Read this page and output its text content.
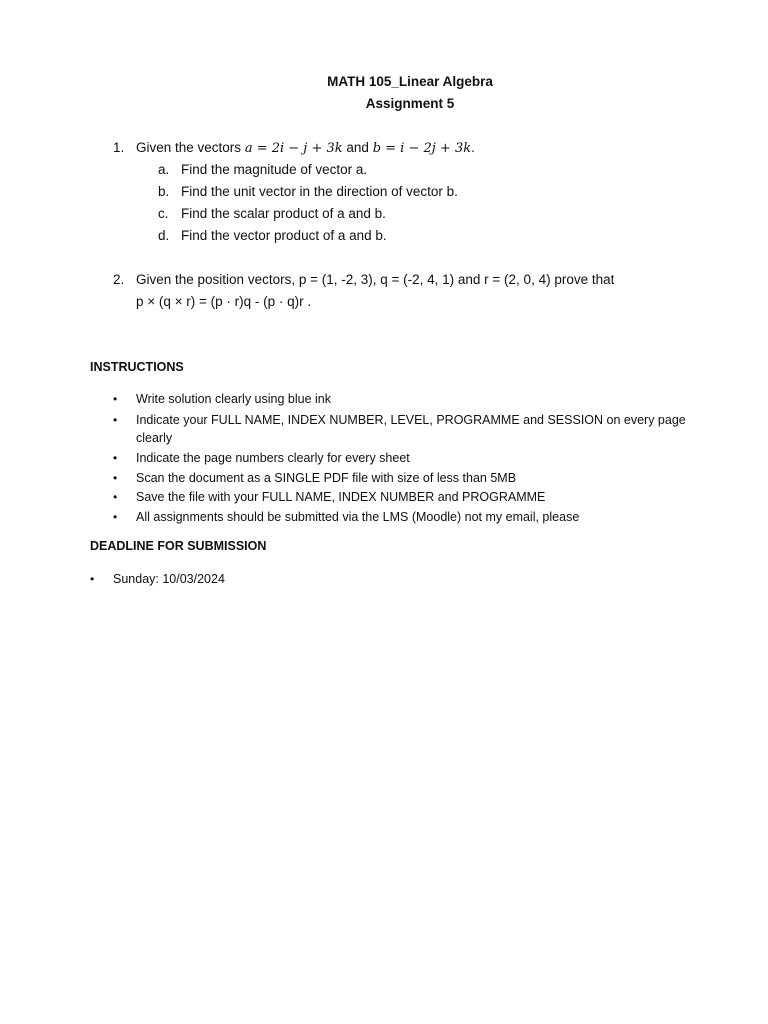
MATH 105_Linear Algebra
Assignment 5
1. Given the vectors a = 2i − j + 3k and b = i − 2j + 3k.
a. Find the magnitude of vector a.
b. Find the unit vector in the direction of vector b.
c. Find the scalar product of a and b.
d. Find the vector product of a and b.
2. Given the position vectors, p = (1, -2, 3), q = (-2, 4, 1) and r = (2, 0, 4) prove that
p × (q × r) = (p · r)q - (p · q)r .
INSTRUCTIONS
• Write solution clearly using blue ink
• Indicate your FULL NAME, INDEX NUMBER, LEVEL, PROGRAMME and SESSION on every page clearly
• Indicate the page numbers clearly for every sheet
• Scan the document as a SINGLE PDF file with size of less than 5MB
• Save the file with your FULL NAME, INDEX NUMBER and PROGRAMME
• All assignments should be submitted via the LMS (Moodle) not my email, please
DEADLINE FOR SUBMISSION
• Sunday: 10/03/2024
